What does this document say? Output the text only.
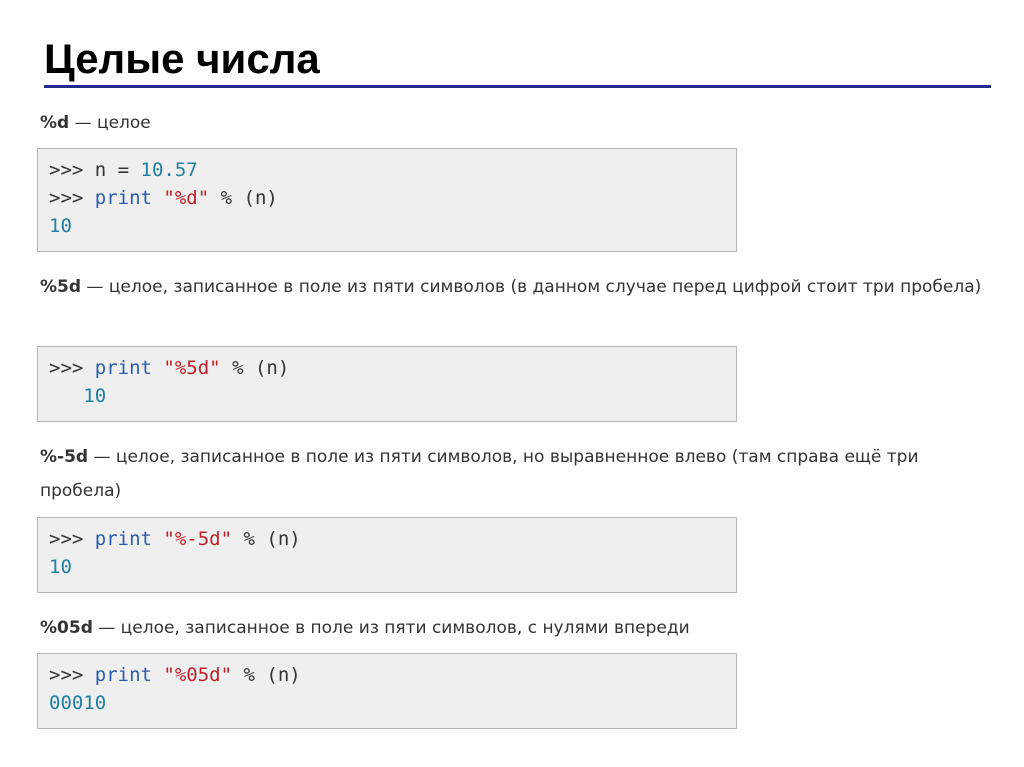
Целые числа
%d — целое
>>> n = 10.57
>>> print "%d" % (n)
10
%5d — целое, записанное в поле из пяти символов (в данном случае перед цифрой стоит три пробела)
>>> print "%5d" % (n)
10
%-5d — целое, записанное в поле из пяти символов, но выравненное влево (там справа ещё три пробела)
>>> print "%-5d" % (n)
10
%05d — целое, записанное в поле из пяти символов, с нулями впереди
>>> print "%05d" % (n)
00010
